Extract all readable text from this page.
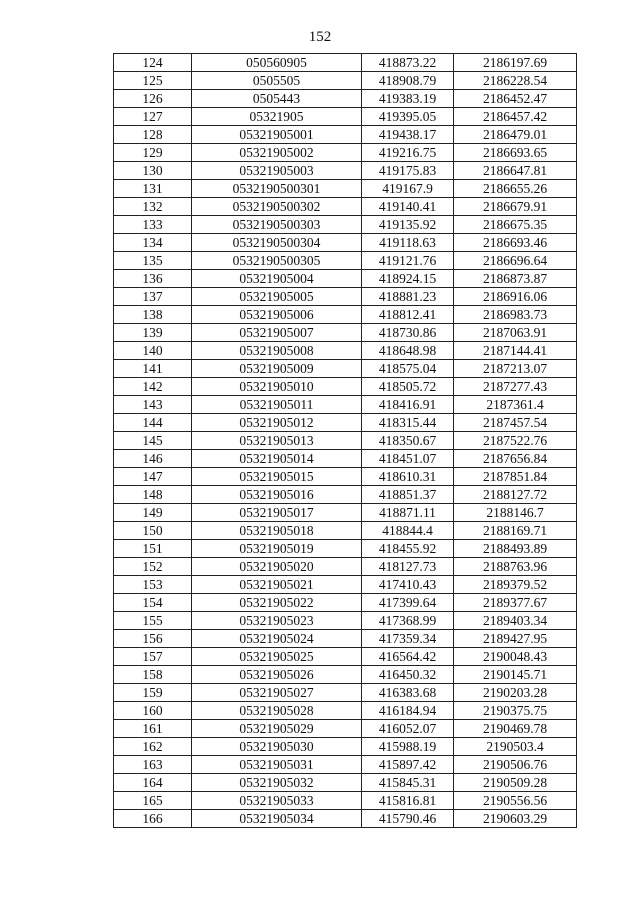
152
124	050560905	418873.22	2186197.69
125	0505505	418908.79	2186228.54
126	0505443	419383.19	2186452.47
127	05321905	419395.05	2186457.42
128	05321905001	419438.17	2186479.01
129	05321905002	419216.75	2186693.65
130	05321905003	419175.83	2186647.81
131	0532190500301	419167.9	2186655.26
132	0532190500302	419140.41	2186679.91
133	0532190500303	419135.92	2186675.35
134	0532190500304	419118.63	2186693.46
135	0532190500305	419121.76	2186696.64
136	05321905004	418924.15	2186873.87
137	05321905005	418881.23	2186916.06
138	05321905006	418812.41	2186983.73
139	05321905007	418730.86	2187063.91
140	05321905008	418648.98	2187144.41
141	05321905009	418575.04	2187213.07
142	05321905010	418505.72	2187277.43
143	05321905011	418416.91	2187361.4
144	05321905012	418315.44	2187457.54
145	05321905013	418350.67	2187522.76
146	05321905014	418451.07	2187656.84
147	05321905015	418610.31	2187851.84
148	05321905016	418851.37	2188127.72
149	05321905017	418871.11	2188146.7
150	05321905018	418844.4	2188169.71
151	05321905019	418455.92	2188493.89
152	05321905020	418127.73	2188763.96
153	05321905021	417410.43	2189379.52
154	05321905022	417399.64	2189377.67
155	05321905023	417368.99	2189403.34
156	05321905024	417359.34	2189427.95
157	05321905025	416564.42	2190048.43
158	05321905026	416450.32	2190145.71
159	05321905027	416383.68	2190203.28
160	05321905028	416184.94	2190375.75
161	05321905029	416052.07	2190469.78
162	05321905030	415988.19	2190503.4
163	05321905031	415897.42	2190506.76
164	05321905032	415845.31	2190509.28
165	05321905033	415816.81	2190556.56
166	05321905034	415790.46	2190603.29
